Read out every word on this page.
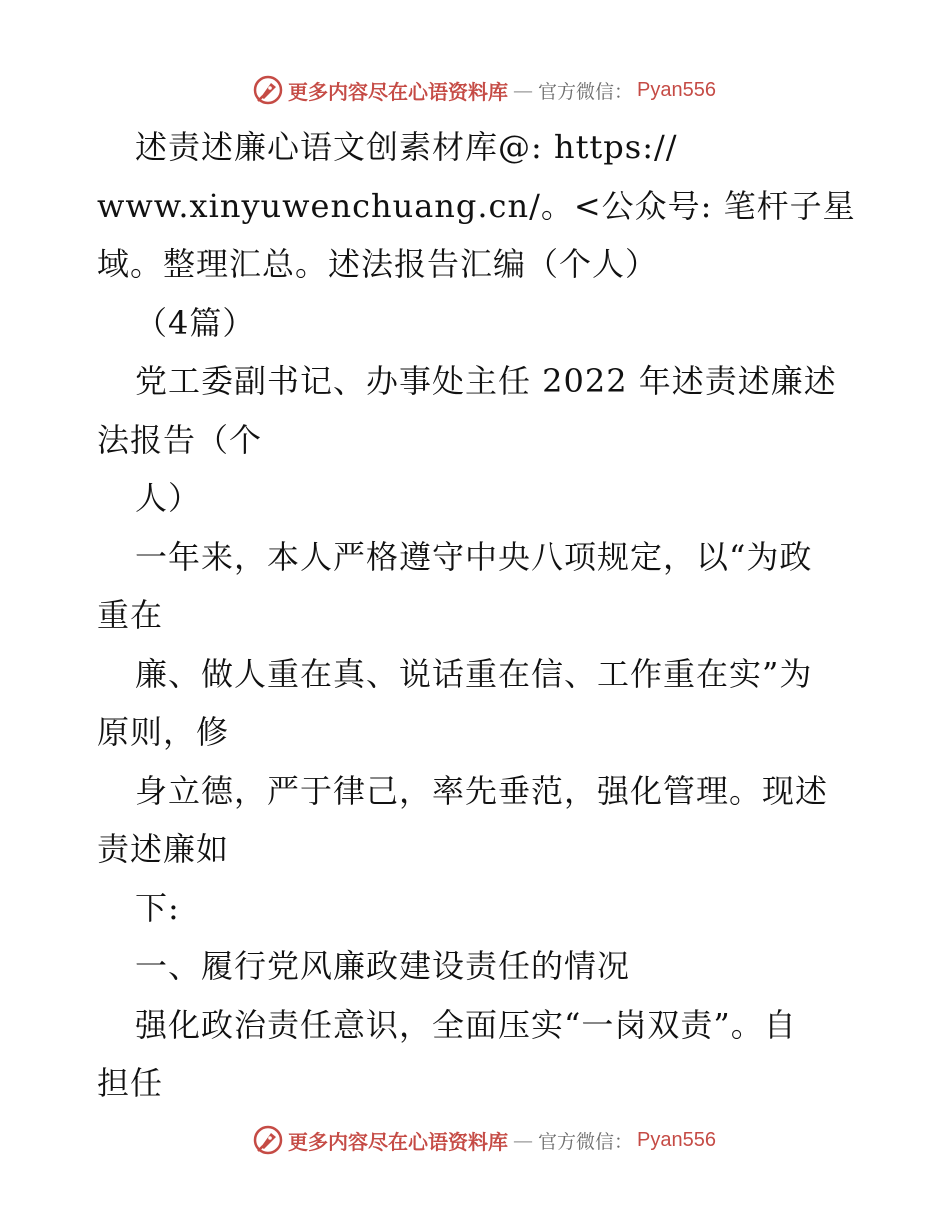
更多内容尽在心语资料库 — 官方微信： Pyan556
述责述廉心语文创素材库@: https://
www.xinyuwenchuang.cn/。<公众号: 笔杆子星
域。整理汇总。述法报告汇编（个人）
（4篇）
党工委副书记、办事处主任 2022 年述责述廉述
法报告（个
人）
一年来，本人严格遵守中央八项规定，以“为政
重在
廉、做人重在真、说话重在信、工作重在实”为
原则，修
身立德，严于律己，率先垂范，强化管理。现述
责述廉如
下:
一、履行党风廉政建设责任的情况
强化政治责任意识，全面压实“一岗双责”。自
担任
更多内容尽在心语资料库 — 官方微信： Pyan556
